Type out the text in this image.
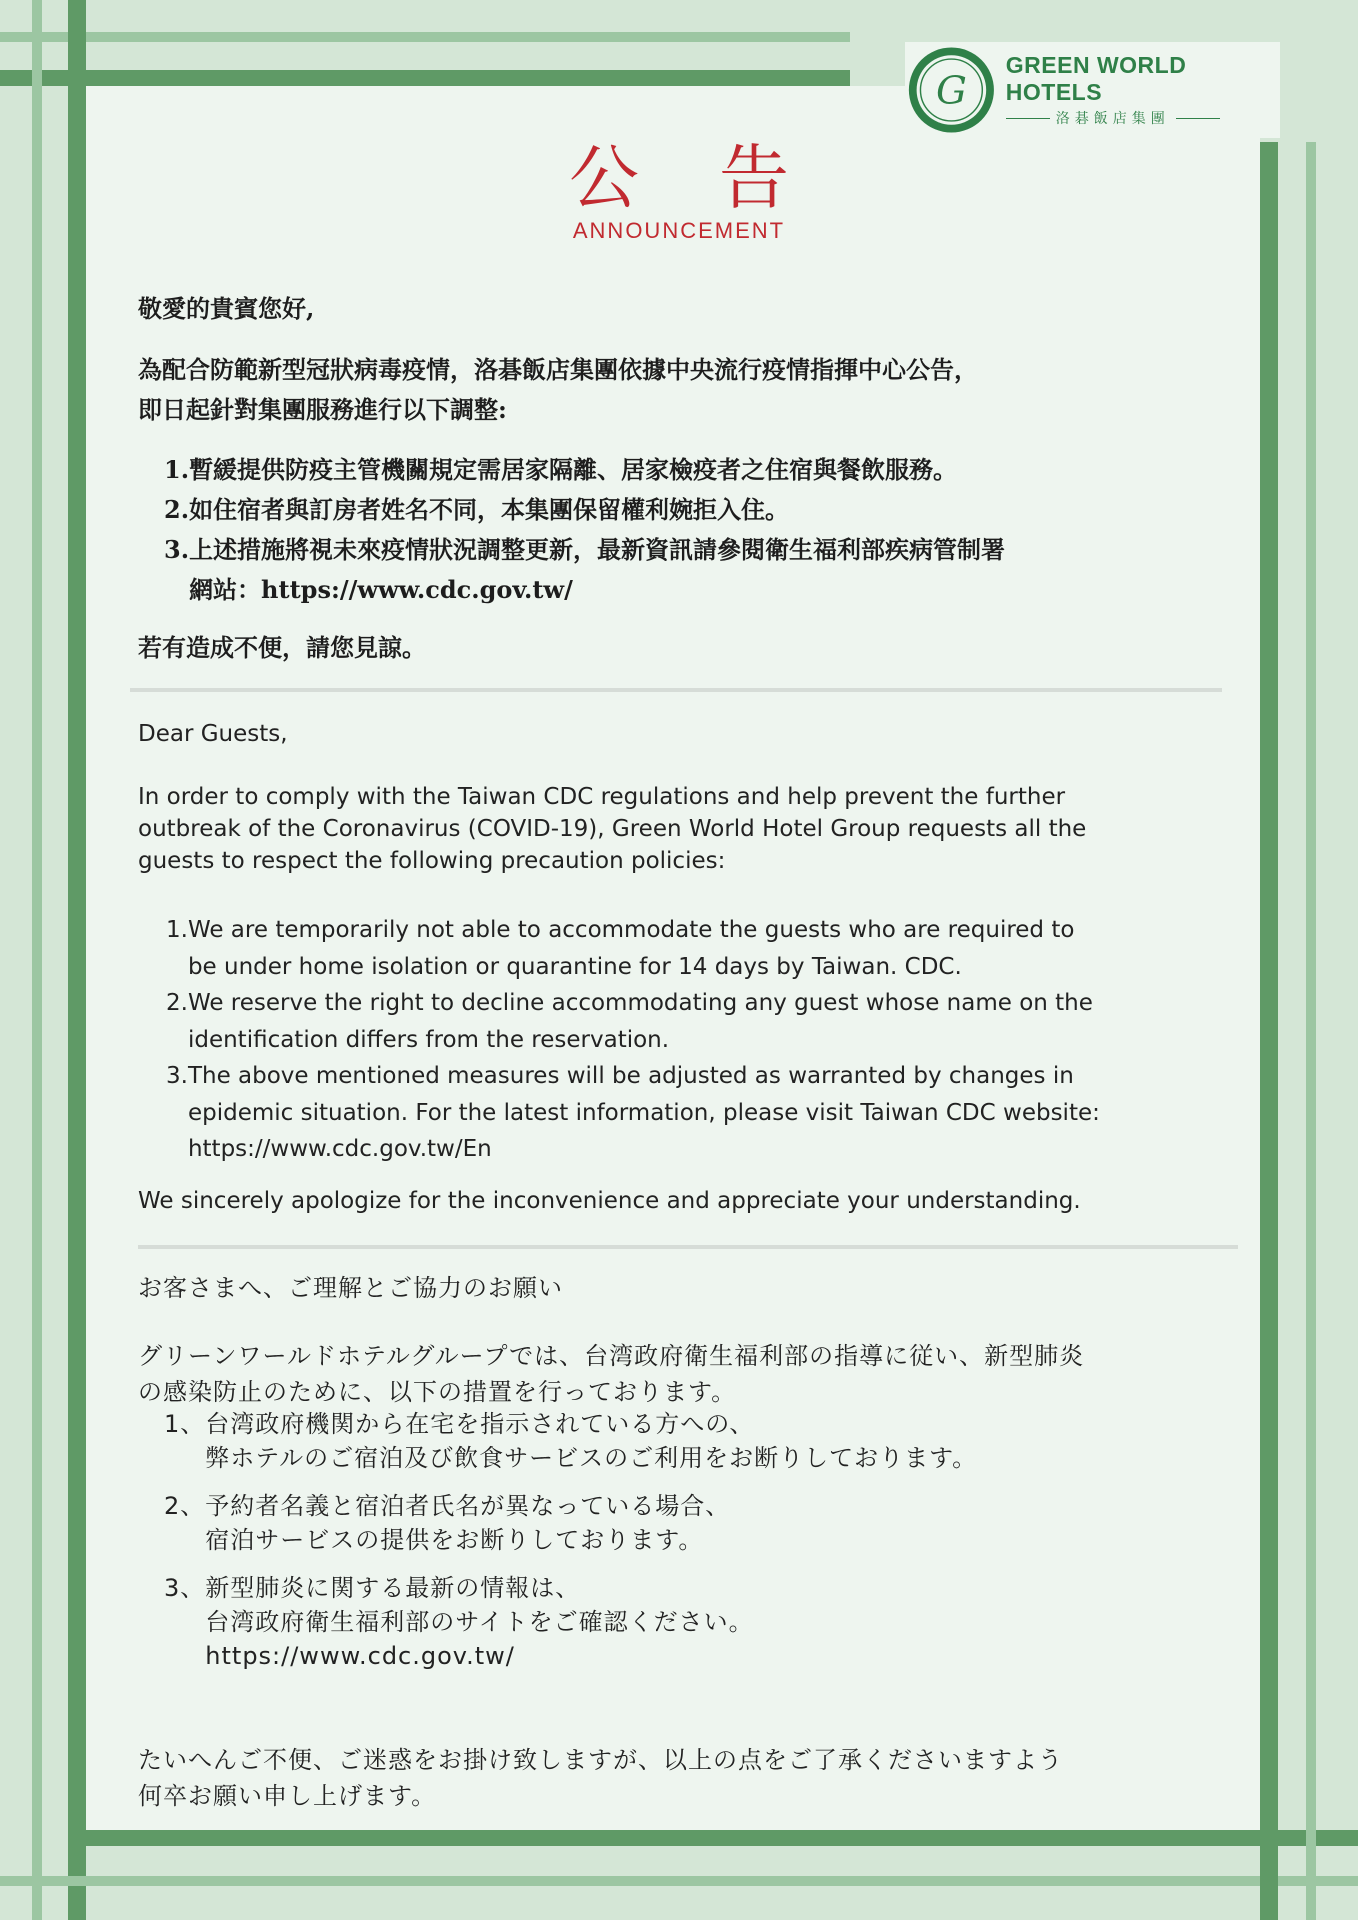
G
GREEN WORLD HOTELS
洛碁飯店集團
公告
ANNOUNCEMENT
敬愛的貴賓您好,
為配合防範新型冠狀病毒疫情，洛碁飯店集團依據中央流行疫情指揮中心公告，
即日起針對集團服務進行以下調整:
1. 暫緩提供防疫主管機關規定需居家隔離、居家檢疫者之住宿與餐飲服務。
2. 如住宿者與訂房者姓名不同，本集團保留權利婉拒入住。
3. 上述措施將視未來疫情狀況調整更新，最新資訊請參閱衛生福利部疾病管制署
網站：https://www.cdc.gov.tw/
若有造成不便，請您見諒。
Dear Guests,
In order to comply with the Taiwan CDC regulations and help prevent the further
outbreak of the Coronavirus (COVID-19), Green World Hotel Group requests all the
guests to respect the following precaution policies:
1. We are temporarily not able to accommodate the guests who are required to
be under home isolation or quarantine for 14 days by Taiwan. CDC.
2. We reserve the right to decline accommodating any guest whose name on the
identification differs from the reservation.
3. The above mentioned measures will be adjusted as warranted by changes in
epidemic situation. For the latest information, please visit Taiwan CDC website:
https://www.cdc.gov.tw/En
We sincerely apologize for the inconvenience and appreciate your understanding.
お客さまへ、ご理解とご協力のお願い
グリーンワールドホテルグループでは、台湾政府衛生福利部の指導に従い、新型肺炎
の感染防止のために、以下の措置を行っております。
1、 台湾政府機関から在宅を指示されている方への、
弊ホテルのご宿泊及び飲食サービスのご利用をお断りしております。
2、 予約者名義と宿泊者氏名が異なっている場合、
宿泊サービスの提供をお断りしております。
3、 新型肺炎に関する最新の情報は、
台湾政府衛生福利部のサイトをご確認ください。
https://www.cdc.gov.tw/
たいへんご不便、ご迷惑をお掛け致しますが、以上の点をご了承くださいますよう
何卒お願い申し上げます。
